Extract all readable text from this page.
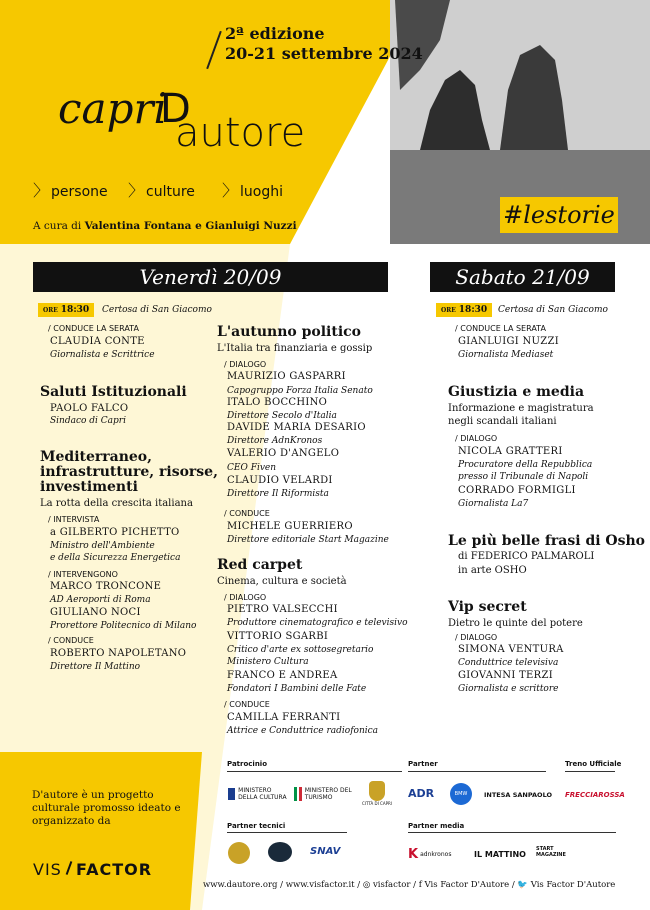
2ª edizione
20-21 settembre 2024
capri
D
autore
〉 persone 〉 culture 〉 luoghi
A cura di Valentina Fontana e Gianluigi Nuzzi	#lestorie
Venerdì 20/09	Sabato 21/09
ORE 18:30	Certosa di San Giacomo
/ CONDUCE LA SERATA
CLAUDIA CONTE
Giornalista e Scrittrice
Saluti Istituzionali
PAOLO FALCO
Sindaco di Capri
Mediterraneo,
infrastrutture, risorse,
investimenti
La rotta della crescita italiana
/ INTERVISTA
a GILBERTO PICHETTO
Ministro dell'Ambiente
e della Sicurezza Energetica
/ INTERVENGONO
MARCO TRONCONE
AD Aeroporti di Roma
GIULIANO NOCI
Prorettore Politecnico di Milano
/ CONDUCE
ROBERTO NAPOLETANO
Direttore Il Mattino
L'autunno politico
L'Italia tra finanziaria e gossip
/ DIALOGO
MAURIZIO GASPARRI
Capogruppo Forza Italia Senato
ITALO BOCCHINO
Direttore Secolo d'Italia
DAVIDE MARIA DESARIO
Direttore AdnKronos
VALERIO D'ANGELO
CEO Fiven
CLAUDIO VELARDI
Direttore Il Riformista
/ CONDUCE
MICHELE GUERRIERO
Direttore editoriale Start Magazine
Red carpet
Cinema, cultura e società
/ DIALOGO
PIETRO VALSECCHI
Produttore cinematografico e televisivo
VITTORIO SGARBI
Critico d'arte ex sottosegretario
Ministero Cultura
FRANCO E ANDREA
Fondatori I Bambini delle Fate
/ CONDUCE
CAMILLA FERRANTI
Attrice e Conduttrice radiofonica
ORE 18:30	Certosa di San Giacomo
/ CONDUCE LA SERATA
GIANLUIGI NUZZI
Giornalista Mediaset
Giustizia e media
Informazione e magistratura
negli scandali italiani
/ DIALOGO
NICOLA GRATTERI
Procuratore della Repubblica
presso il Tribunale di Napoli
CORRADO FORMIGLI
Giornalista La7
Le più belle frasi di Osho
di FEDERICO PALMAROLI
in arte OSHO
Vip secret
Dietro le quinte del potere
/ DIALOGO
SIMONA VENTURA
Conduttrice televisiva
GIOVANNI TERZI
Giornalista e scrittore
D'autore è un progetto culturale promosso ideato e organizzato da
VIS FACTOR
Patrocinio	Partner	Treno Ufficiale
MINISTERO DELLA CULTURA
MINISTERO DEL TURISMO
CITTÀ DI CAPRI
ADR	BMW	INTESA SANPAOLO FRECCIAROSSA
Partner tecnici	Partner media
SNAV	K adnkronos	IL MATTINO
START MAGAZINE
www.dautore.org / www.visfactor.it / ◎ visfactor / f Vis Factor D'Autore / 🐦 Vis Factor D'Autore
